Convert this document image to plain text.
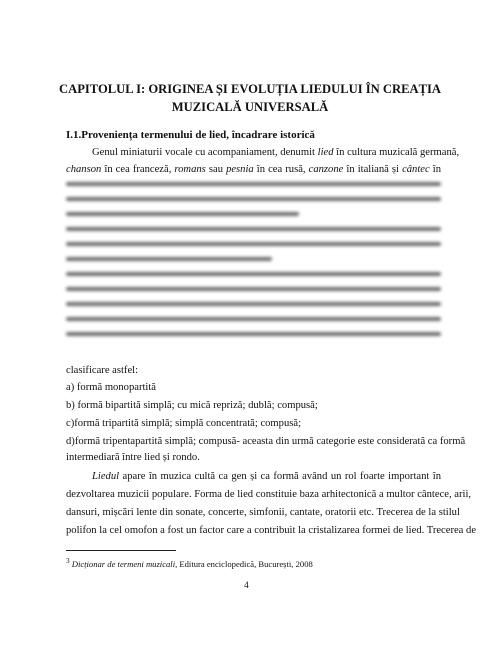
CAPITOLUL I: ORIGINEA ȘI EVOLUȚIA LIEDULUI ÎN CREAȚIA
MUZICALĂ UNIVERSALĂ
I.1.Proveniența termenului de lied, încadrare istorică
Genul miniaturii vocale cu acompaniament, denumit lied în cultura muzicală germană,
chanson în cea franceză, romans sau pesnia în cea rusă, canzone în italiană și cântec în
clasificare astfel:
a) formă monopartită
b) formă bipartită simplă; cu mică repriză; dublă; compusă;
c)formă tripartită simplă; simplă concentrată; compusă;
d)formă tripentapartită simplă; compusă- aceasta din urmă categorie este considerată ca formă
intermediară între lied și rondo.
Liedul apare în muzica cultă ca gen și ca formă având un rol foarte important în
dezvoltarea muzicii populare. Forma de lied constituie baza arhitectonică a multor cântece, arii,
dansuri, mișcări lente din sonate, concerte, simfonii, cantate, oratorii etc. Trecerea de la stilul
polifon la cel omofon a fost un factor care a contribuit la cristalizarea formei de lied. Trecerea de
$^3$ Dicționar de termeni muzicali, Editura enciclopedică, București, 2008
4
